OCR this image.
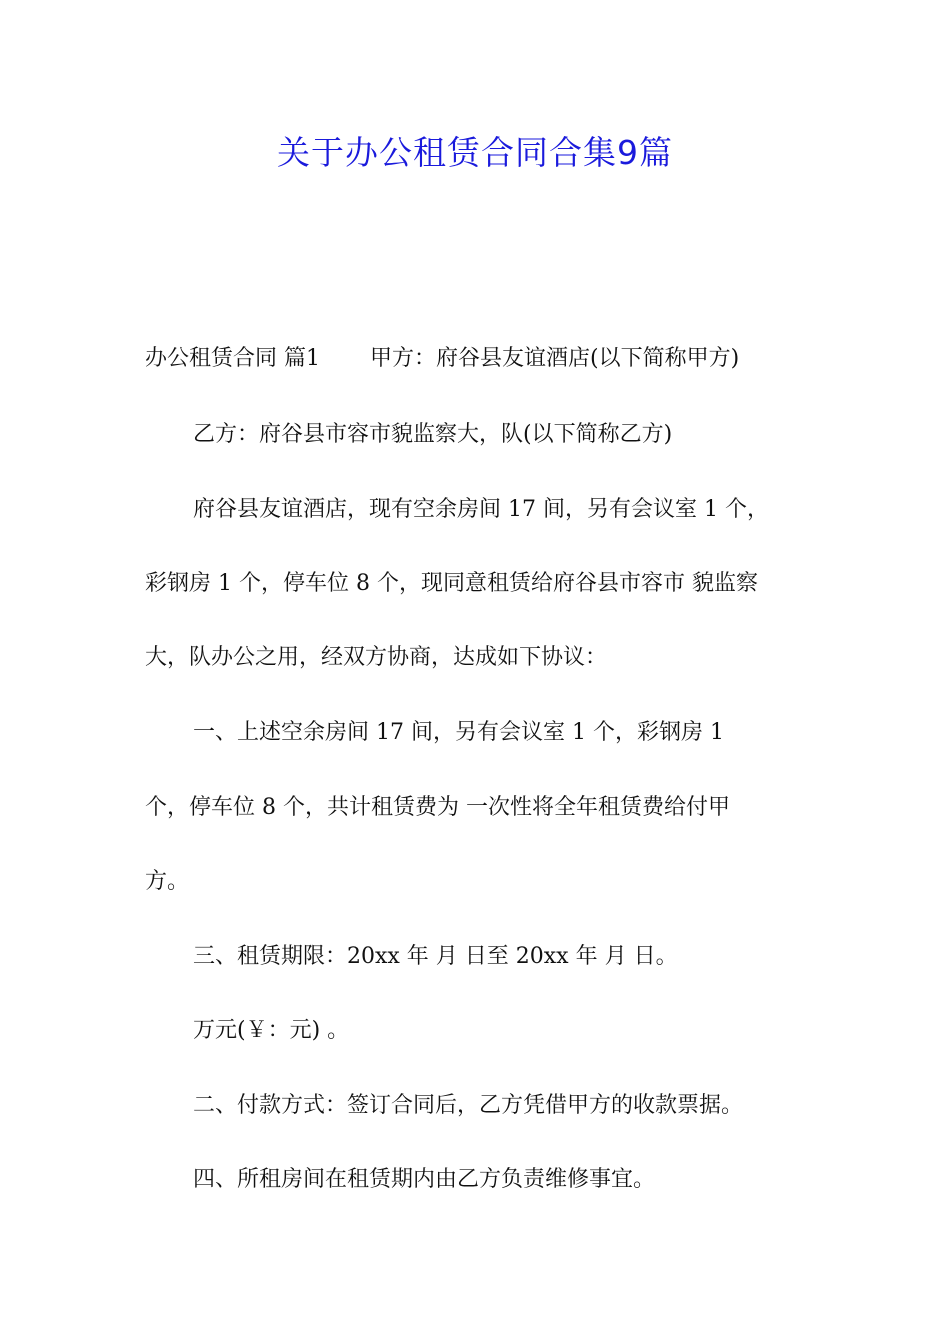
关于办公租赁合同合集9篇
办公租赁合同 篇1 甲方：府谷县友谊酒店(以下简称甲方)
乙方：府谷县市容市貌监察大，队(以下简称乙方)
府谷县友谊酒店，现有空余房间 17 间，另有会议室 1 个，
彩钢房 1 个，停车位 8 个，现同意租赁给府谷县市容市 貌监察
大，队办公之用，经双方协商，达成如下协议：
一、上述空余房间 17 间，另有会议室 1 个，彩钢房 1
个，停车位 8 个，共计租赁费为 一次性将全年租赁费给付甲
方。
三、租赁期限：20xx 年 月 日至 20xx 年 月 日。
万元(￥：元) 。
二、付款方式：签订合同后，乙方凭借甲方的收款票据。
四、所租房间在租赁期内由乙方负责维修事宜。
